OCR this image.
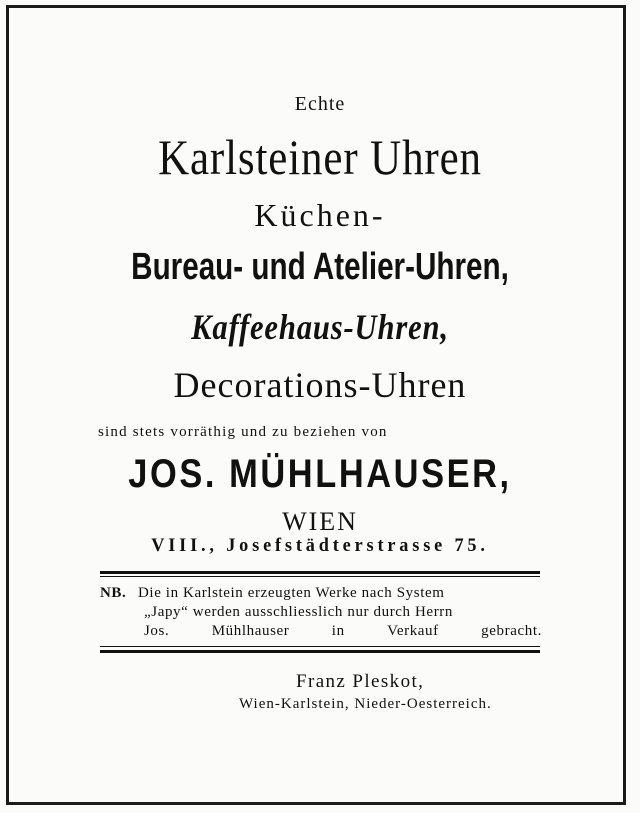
Echte
Karlsteiner Uhren
Küchen-
Bureau- und Atelier-Uhren,
Kaffeehaus-Uhren,
Decorations-Uhren
sind stets vorräthig und zu beziehen von
JOS. MÜHLHAUSER,
WIEN
VIII., Josefstädterstrasse 75.
NB. Die in Karlstein erzeugten Werke nach System
„Japy“ werden ausschliesslich nur durch Herrn
Jos.	Mühlhauser	in	Verkauf	gebracht.
Franz Pleskot,
Wien-Karlstein, Nieder-Oesterreich.
